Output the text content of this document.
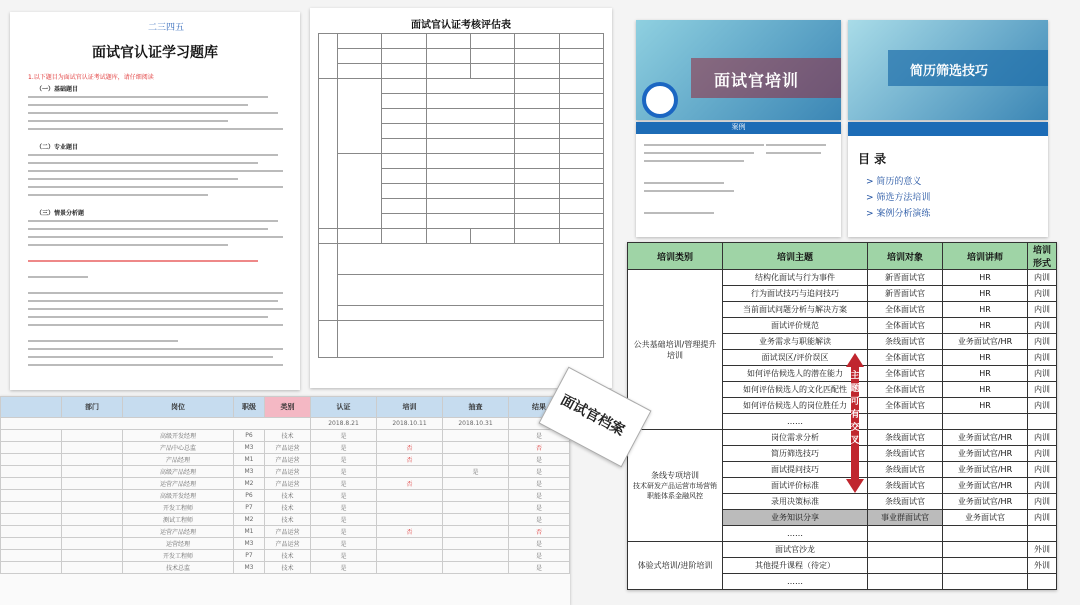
二三四五
面试官认证学习题库
1.以下题目为面试官认证考试题库，请仔细阅读
（一）基础题目
（二）专业题目
（三）情景分析题
面试官认证考核评估表

	部门	岗位	职级	类别	认证	培训	抽查	结果
					2018.8.21	2018.10.11	2018.10.31	
		高级开发经理	P6	技术	是			是
		产品中心总监	M3	产品运营	是	否		否
		产品经理	M1	产品运营	是	否		是
		高级产品经理	M3	产品运营	是		是	是
		运营产品经理	M2	产品运营	是	否		是
		高级开发经理	P6	技术	是			是
		开发工程师	P7	技术	是			是
		测试工程师	M2	技术	是			是
		运营产品经理	M1	产品运营	是	否		否
		运营经理	M3	产品运营	是			是
		开发工程师	P7	技术	是			是
		技术总监	M3	技术	是			是
面试官培训	简历筛选技巧
案例
目 录
> 简历的意义
> 筛选方法培训
> 案例分析演练
培训类别	培训主题	培训对象	培训讲师	培训形式
公共基础培训/管理提升培训	结构化面试与行为事件	新晋面试官	HR	内训
	行为面试技巧与追问技巧	新晋面试官	HR	内训
	当前面试问题分析与解决方案	全体面试官	HR	内训
	面试评价规范	全体面试官	HR	内训
	业务需求与职能解读	条线面试官	业务面试官/HR	内训
	面试误区/评价误区	全体面试官	HR	内训
	如何评估候选人的潜在能力	全体面试官	HR	内训
	如何评估候选人的文化匹配性	全体面试官	HR	内训
	如何评估候选人的岗位胜任力	全体面试官	HR	内训
	……			
条线专项培训
技术研发产品运营市场营销职能体系金融风控	岗位需求分析	条线面试官	业务面试官/HR	内训
	简历筛选技巧	条线面试官	业务面试官/HR	内训
	面试提问技巧	条线面试官	业务面试官/HR	内训
	面试评价标准	条线面试官	业务面试官/HR	内训
	录用决策标准	条线面试官	业务面试官/HR	内训
	业务知识分享	事业群面试官	业务面试官	内训
	……			
体验式培训/进阶培训	面试官沙龙			外训
	其他提升课程（待定）			外训
	……			
主题可有交叉
面试官档案
